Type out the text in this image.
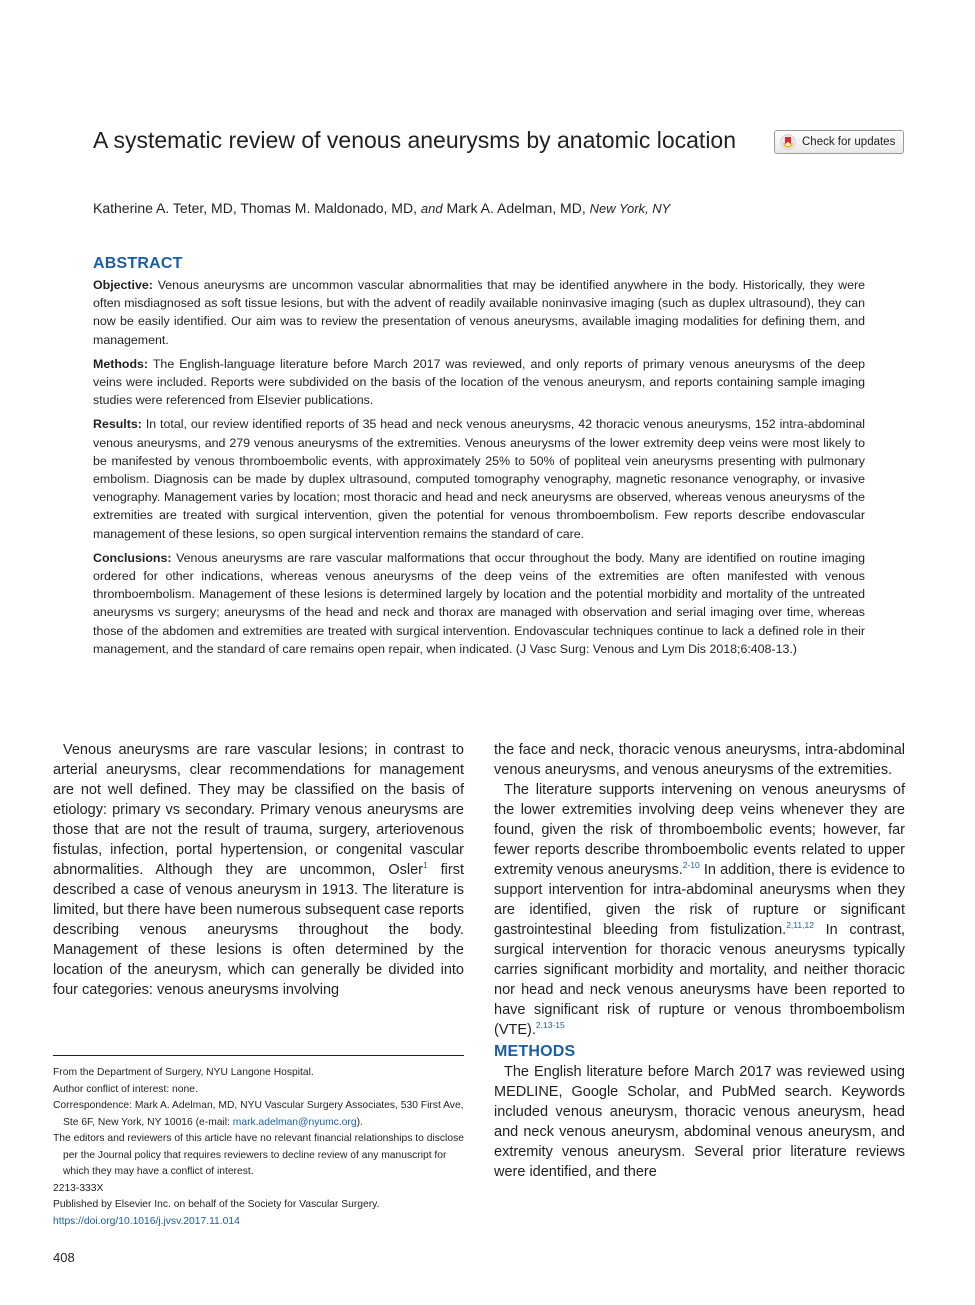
A systematic review of venous aneurysms by anatomic location	Check for updates
Katherine A. Teter, MD, Thomas M. Maldonado, MD, and Mark A. Adelman, MD, New York, NY
ABSTRACT

Objective: Venous aneurysms are uncommon vascular abnormalities that may be identified anywhere in the body. Historically, they were often misdiagnosed as soft tissue lesions, but with the advent of readily available noninvasive imaging (such as duplex ultrasound), they can now be easily identified. Our aim was to review the presentation of venous aneurysms, available imaging modalities for defining them, and management.

Methods: The English-language literature before March 2017 was reviewed, and only reports of primary venous aneurysms of the deep veins were included. Reports were subdivided on the basis of the location of the venous aneurysm, and reports containing sample imaging studies were referenced from Elsevier publications.

Results: In total, our review identified reports of 35 head and neck venous aneurysms, 42 thoracic venous aneurysms, 152 intra-abdominal venous aneurysms, and 279 venous aneurysms of the extremities. Venous aneurysms of the lower extremity deep veins were most likely to be manifested by venous thromboembolic events, with approximately 25% to 50% of popliteal vein aneurysms presenting with pulmonary embolism. Diagnosis can be made by duplex ultrasound, computed tomography venography, magnetic resonance venography, or invasive venography. Management varies by location; most thoracic and head and neck aneurysms are observed, whereas venous aneurysms of the extremities are treated with surgical intervention, given the potential for venous thromboembolism. Few reports describe endovascular management of these lesions, so open surgical intervention remains the standard of care.

Conclusions: Venous aneurysms are rare vascular malformations that occur throughout the body. Many are identified on routine imaging ordered for other indications, whereas venous aneurysms of the deep veins of the extremities are often manifested with venous thromboembolism. Management of these lesions is determined largely by location and the potential morbidity and mortality of the untreated aneurysms vs surgery; aneurysms of the head and neck and thorax are managed with observation and serial imaging over time, whereas those of the abdomen and extremities are treated with surgical intervention. Endovascular techniques continue to lack a defined role in their management, and the standard of care remains open repair, when indicated. (J Vasc Surg: Venous and Lym Dis 2018;6:408-13.)

Venous aneurysms are rare vascular lesions; in contrast to arterial aneurysms, clear recommendations for management are not well defined. They may be classified on the basis of etiology: primary vs secondary. Primary venous aneurysms are those that are not the result of trauma, surgery, arteriovenous fistulas, infection, portal hypertension, or congenital vascular abnormalities. Although they are uncommon, Osler$^1$ first described a case of venous aneurysm in 1913. The literature is limited, but there have been numerous subsequent case reports describing venous aneurysms throughout the body. Management of these lesions is often determined by the location of the aneurysm, which can generally be divided into four categories: venous aneurysms involving

the face and neck, thoracic venous aneurysms, intra-abdominal venous aneurysms, and venous aneurysms of the extremities.

The literature supports intervening on venous aneurysms of the lower extremities involving deep veins whenever they are found, given the risk of thromboembolic events; however, far fewer reports describe thromboembolic events related to upper extremity venous aneurysms.$^{2-10}$ In addition, there is evidence to support intervention for intra-abdominal aneurysms when they are identified, given the risk of rupture or significant gastrointestinal bleeding from fistulization.$^{2,11,12}$ In contrast, surgical intervention for thoracic venous aneurysms typically carries significant morbidity and mortality, and neither thoracic nor head and neck venous aneurysms have been reported to have significant risk of rupture or venous thromboembolism (VTE).$^{2,13-15}$

METHODS

The English literature before March 2017 was reviewed using MEDLINE, Google Scholar, and PubMed search. Keywords included venous aneurysm, thoracic venous aneurysm, head and neck venous aneurysm, abdominal venous aneurysm, and extremity venous aneurysm. Several prior literature reviews were identified, and there

From the Department of Surgery, NYU Langone Hospital.
Author conflict of interest: none.
Correspondence: Mark A. Adelman, MD, NYU Vascular Surgery Associates, 530 First Ave, Ste 6F, New York, NY 10016 (e-mail: mark.adelman@nyumc.org).
The editors and reviewers of this article have no relevant financial relationships to disclose per the Journal policy that requires reviewers to decline review of any manuscript for which they may have a conflict of interest.
2213-333X
Published by Elsevier Inc. on behalf of the Society for Vascular Surgery.
https://doi.org/10.1016/j.jvsv.2017.11.014
408
